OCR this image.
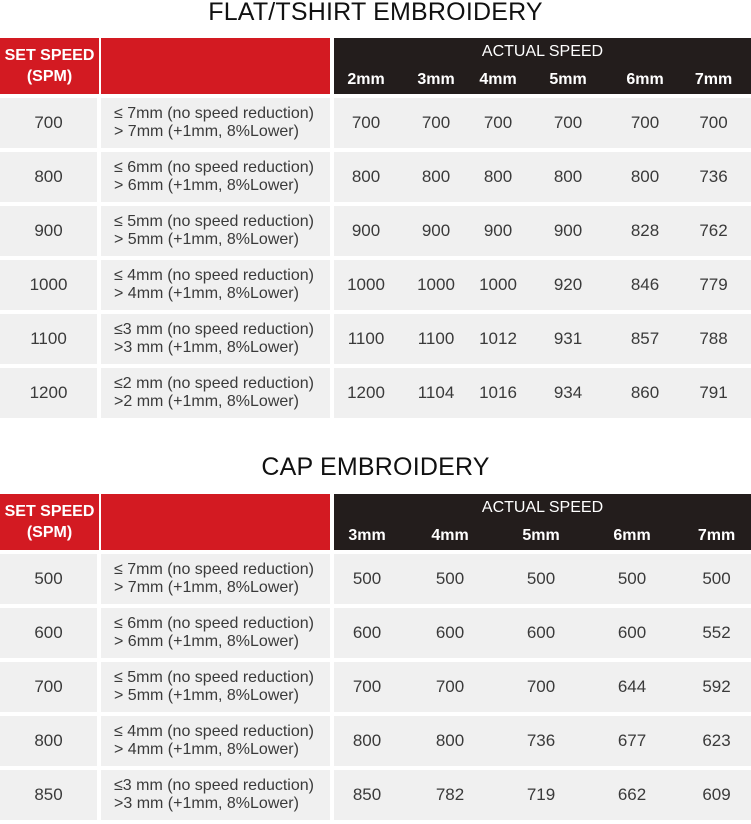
FLAT/TSHIRT EMBROIDERY
SET SPEED (SPM)		ACTUAL SPEED					
		2mm	3mm	4mm	5mm	6mm	7mm

700	≤ 7mm (no speed reduction)
> 7mm (+1mm, 8%Lower)	700	700	700	700	700	700
800	≤ 6mm (no speed reduction)
> 6mm (+1mm, 8%Lower)	800	800	800	800	800	736
900	≤ 5mm (no speed reduction)
> 5mm (+1mm, 8%Lower)	900	900	900	900	828	762
1000	≤ 4mm (no speed reduction)
> 4mm (+1mm, 8%Lower)	1000	1000	1000	920	846	779
1100	≤3 mm (no speed reduction)
>3 mm (+1mm, 8%Lower)	1100	1100	1012	931	857	788
1200	≤2 mm (no speed reduction)
>2 mm (+1mm, 8%Lower)	1200	1104	1016	934	860	791
CAP EMBROIDERY
SET SPEED (SPM)		ACTUAL SPEED				
		3mm	4mm	5mm	6mm	7mm

500	≤ 7mm (no speed reduction)
> 7mm (+1mm, 8%Lower)	500	500	500	500	500
600	≤ 6mm (no speed reduction)
> 6mm (+1mm, 8%Lower)	600	600	600	600	552
700	≤ 5mm (no speed reduction)
> 5mm (+1mm, 8%Lower)	700	700	700	644	592
800	≤ 4mm (no speed reduction)
> 4mm (+1mm, 8%Lower)	800	800	736	677	623
850	≤3 mm (no speed reduction)
>3 mm (+1mm, 8%Lower)	850	782	719	662	609
